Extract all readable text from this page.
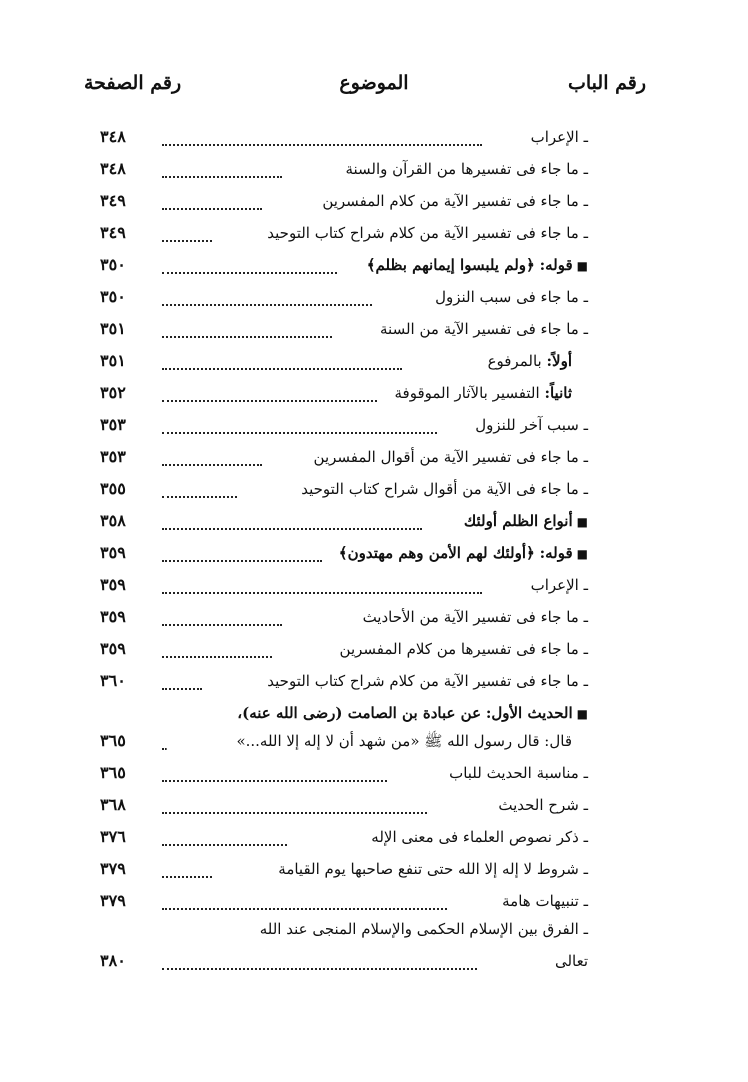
رقم الباب
الموضوع
رقم الصفحة
ـ الإعراب
٣٤٨
ـ ما جاء فى تفسيرها من القرآن والسنة
٣٤٨
ـ ما جاء فى تفسير الآية من كلام المفسرين
٣٤٩
ـ ما جاء فى تفسير الآية من كلام شراح كتاب التوحيد
٣٤٩
■قوله: ﴿ولم يلبسوا إيمانهم بظلم﴾
٣٥٠
ـ ما جاء فى سبب النزول
٣٥٠
ـ ما جاء فى تفسير الآية من السنة
٣٥١
أولاً: بالمرفوع
٣٥١
ثانياً: التفسير بالآثار الموقوفة
٣٥٢
ـ سبب آخر للنزول
٣٥٣
ـ ما جاء فى تفسير الآية من أقوال المفسرين
٣٥٣
ـ ما جاء فى الآية من أقوال شراح كتاب التوحيد
٣٥٥
■أنواع الظلم أولئك
٣٥٨
■قوله: ﴿أولئك لهم الأمن وهم مهتدون﴾
٣٥٩
ـ الإعراب
٣٥٩
ـ ما جاء فى تفسير الآية من الأحاديث
٣٥٩
ـ ما جاء فى تفسيرها من كلام المفسرين
٣٥٩
ـ ما جاء فى تفسير الآية من كلام شراح كتاب التوحيد
٣٦٠
■الحديث الأول: عن عبادة بن الصامت (رضى الله عنه)،
قال: قال رسول الله ﷺ «من شهد أن لا إله إلا الله...»
٣٦٥
ـ مناسبة الحديث للباب
٣٦٥
ـ شرح الحديث
٣٦٨
ـ ذكر نصوص العلماء فى معنى الإله
٣٧٦
ـ شروط لا إله إلا الله حتى تنفع صاحبها يوم القيامة
٣٧٩
ـ تنبيهات هامة
٣٧٩
ـ الفرق بين الإسلام الحكمى والإسلام المنجى عند الله
تعالى
٣٨٠
